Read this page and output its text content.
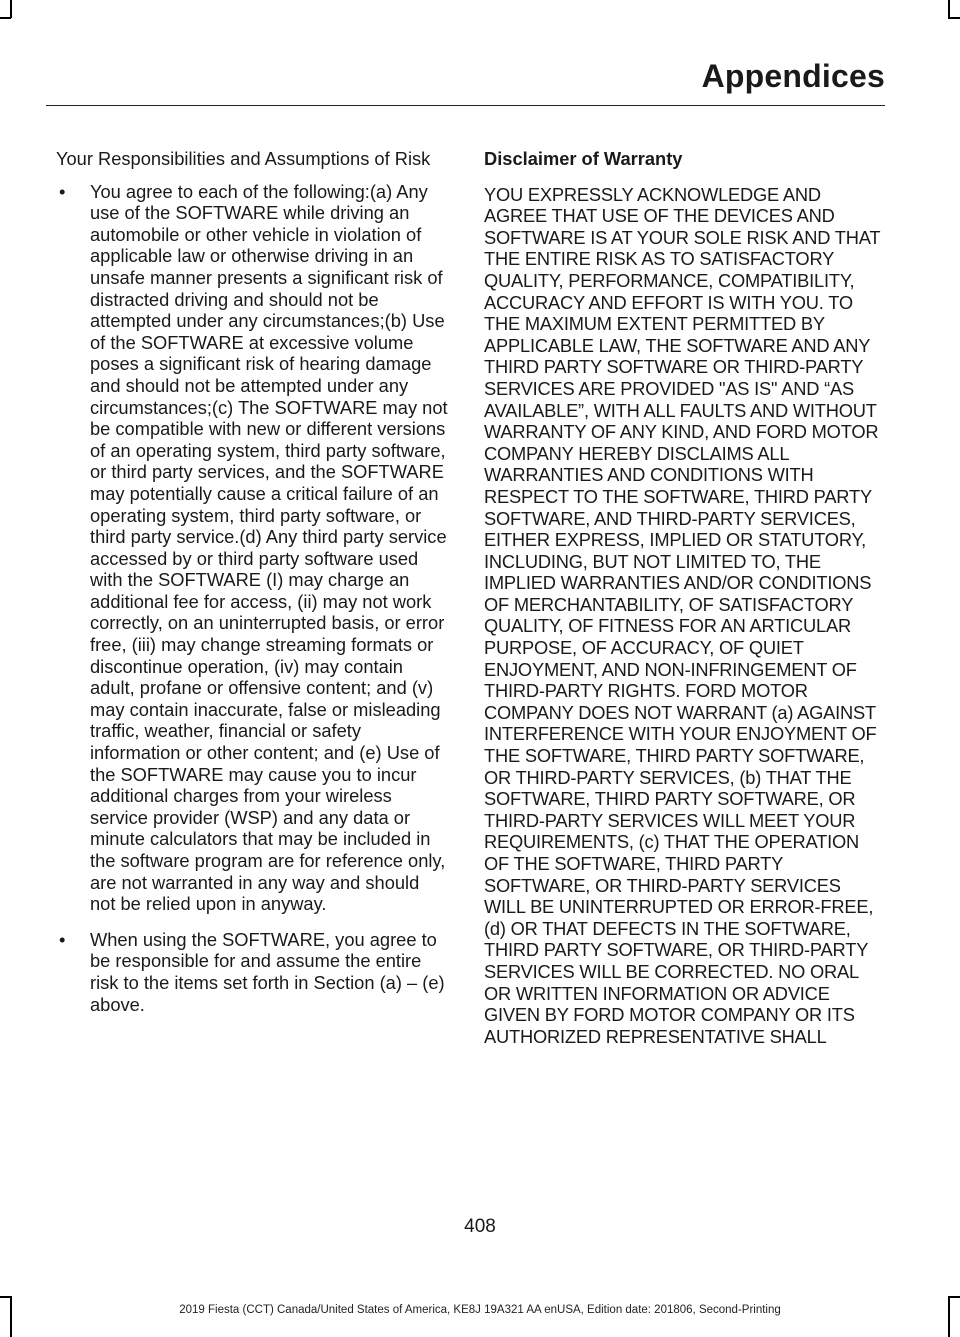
Appendices

Your Responsibilities and Assumptions of Risk

• You agree to each of the following:(a) Any use of the SOFTWARE while driving an automobile or other vehicle in violation of applicable law or otherwise driving in an unsafe manner presents a significant risk of distracted driving and should not be attempted under any circumstances;(b) Use of the SOFTWARE at excessive volume poses a significant risk of hearing damage and should not be attempted under any circumstances;(c) The SOFTWARE may not be compatible with new or different versions of an operating system, third party software, or third party services, and the SOFTWARE may potentially cause a critical failure of an operating system, third party software, or third party service.(d) Any third party service accessed by or third party software used with the SOFTWARE (I) may charge an additional fee for access, (ii) may not work correctly, on an uninterrupted basis, or error free, (iii) may change streaming formats or discontinue operation, (iv) may contain adult, profane or offensive content; and (v) may contain inaccurate, false or misleading traffic, weather, financial or safety information or other content; and (e) Use of the SOFTWARE may cause you to incur additional charges from your wireless service provider (WSP) and any data or minute calculators that may be included in the software program are for reference only, are not warranted in any way and should not be relied upon in anyway.
• When using the SOFTWARE, you agree to be responsible for and assume the entire risk to the items set forth in Section (a) – (e) above.

Disclaimer of Warranty

YOU EXPRESSLY ACKNOWLEDGE AND AGREE THAT USE OF THE DEVICES AND SOFTWARE IS AT YOUR SOLE RISK AND THAT THE ENTIRE RISK AS TO SATISFACTORY QUALITY, PERFORMANCE, COMPATIBILITY, ACCURACY AND EFFORT IS WITH YOU. TO THE MAXIMUM EXTENT PERMITTED BY APPLICABLE LAW, THE SOFTWARE AND ANY THIRD PARTY SOFTWARE OR THIRD-PARTY SERVICES ARE PROVIDED "AS IS" AND “AS AVAILABLE”, WITH ALL FAULTS AND WITHOUT WARRANTY OF ANY KIND, AND FORD MOTOR COMPANY HEREBY DISCLAIMS ALL WARRANTIES AND CONDITIONS WITH RESPECT TO THE SOFTWARE, THIRD PARTY SOFTWARE, AND THIRD-PARTY SERVICES, EITHER EXPRESS, IMPLIED OR STATUTORY, INCLUDING, BUT NOT LIMITED TO, THE IMPLIED WARRANTIES AND/OR CONDITIONS OF MERCHANTABILITY, OF SATISFACTORY QUALITY, OF FITNESS FOR AN ARTICULAR PURPOSE, OF ACCURACY, OF QUIET ENJOYMENT, AND NON-INFRINGEMENT OF THIRD-PARTY RIGHTS. FORD MOTOR COMPANY DOES NOT WARRANT (a) AGAINST INTERFERENCE WITH YOUR ENJOYMENT OF THE SOFTWARE, THIRD PARTY SOFTWARE, OR THIRD-PARTY SERVICES, (b) THAT THE SOFTWARE, THIRD PARTY SOFTWARE, OR THIRD-PARTY SERVICES WILL MEET YOUR REQUIREMENTS, (c) THAT THE OPERATION OF THE SOFTWARE, THIRD PARTY SOFTWARE, OR THIRD-PARTY SERVICES WILL BE UNINTERRUPTED OR ERROR-FREE, (d) OR THAT DEFECTS IN THE SOFTWARE, THIRD PARTY SOFTWARE, OR THIRD-PARTY SERVICES WILL BE CORRECTED. NO ORAL OR WRITTEN INFORMATION OR ADVICE GIVEN BY FORD MOTOR COMPANY OR ITS AUTHORIZED REPRESENTATIVE SHALL

408
2019 Fiesta (CCT) Canada/United States of America, KE8J 19A321 AA enUSA, Edition date: 201806, Second-Printing
